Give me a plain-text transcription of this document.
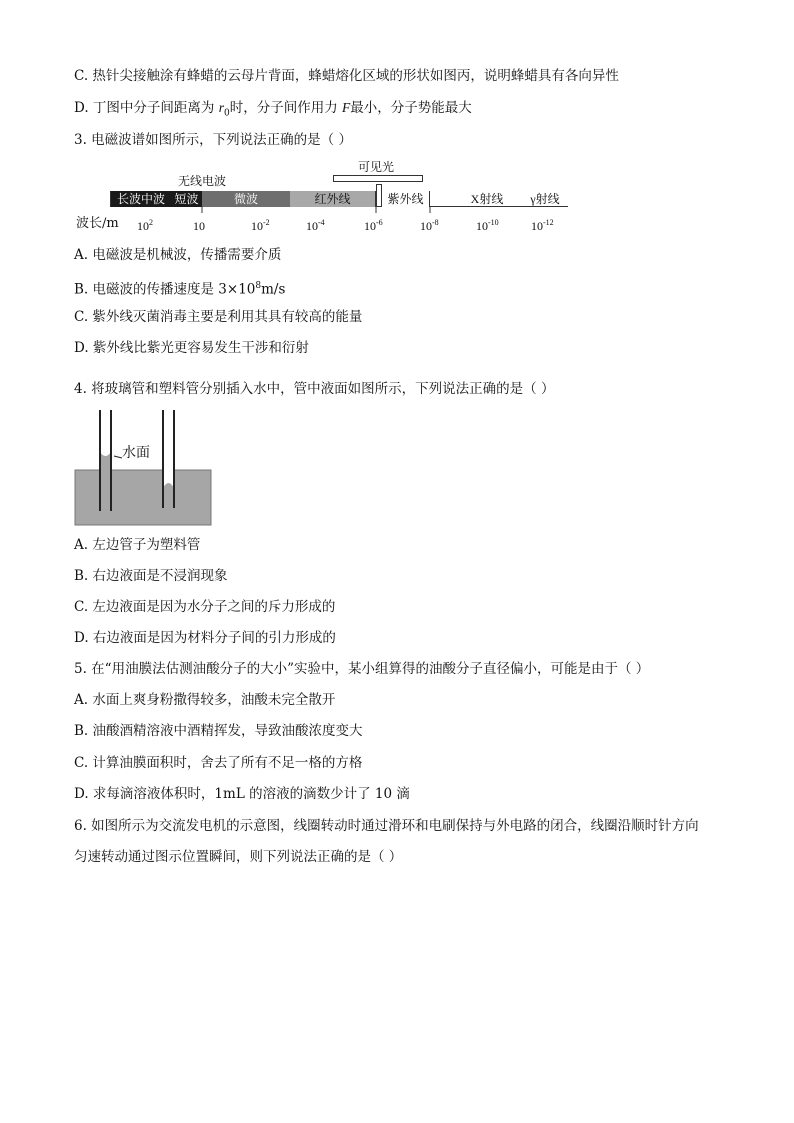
C. 热针尖接触涂有蜂蜡的云母片背面，蜂蜡熔化区域的形状如图丙，说明蜂蜡具有各向异性
D. 丁图中分子间距离为 $r_0$时，分子间作用力 F最小，分子势能最大
3. 电磁波谱如图所示，下列说法正确的是（ ）
可见光
无线电波
长波中波 短波	微波	红外线	紫外线	X射线	γ射线
波长/m $10^2$	10	$10^{-2}$	$10^{-4}$	$10^{-6}$	$10^{-8}$	$10^{-10}$	$10^{-12}$
A. 电磁波是机械波，传播需要介质
B. 电磁波的传播速度是 $3\times 10^8m/s$
C. 紫外线灭菌消毒主要是利用其具有较高的能量
D. 紫外线比紫光更容易发生干涉和衍射
4. 将玻璃管和塑料管分别插入水中，管中液面如图所示，下列说法正确的是（ ）
水面
A. 左边管子为塑料管
B. 右边液面是不浸润现象
C. 左边液面是因为水分子之间的斥力形成的
D. 右边液面是因为材料分子间的引力形成的
5. 在“用油膜法估测油酸分子的大小”实验中，某小组算得的油酸分子直径偏小，可能是由于（ ）
A. 水面上爽身粉撒得较多，油酸未完全散开
B. 油酸酒精溶液中酒精挥发，导致油酸浓度变大
C. 计算油膜面积时，舍去了所有不足一格的方格
D. 求每滴溶液体积时，1mL 的溶液的滴数少计了 10 滴
6. 如图所示为交流发电机的示意图，线圈转动时通过滑环和电刷保持与外电路的闭合，线圈沿顺时针方向
匀速转动通过图示位置瞬间，则下列说法正确的是（ ）
